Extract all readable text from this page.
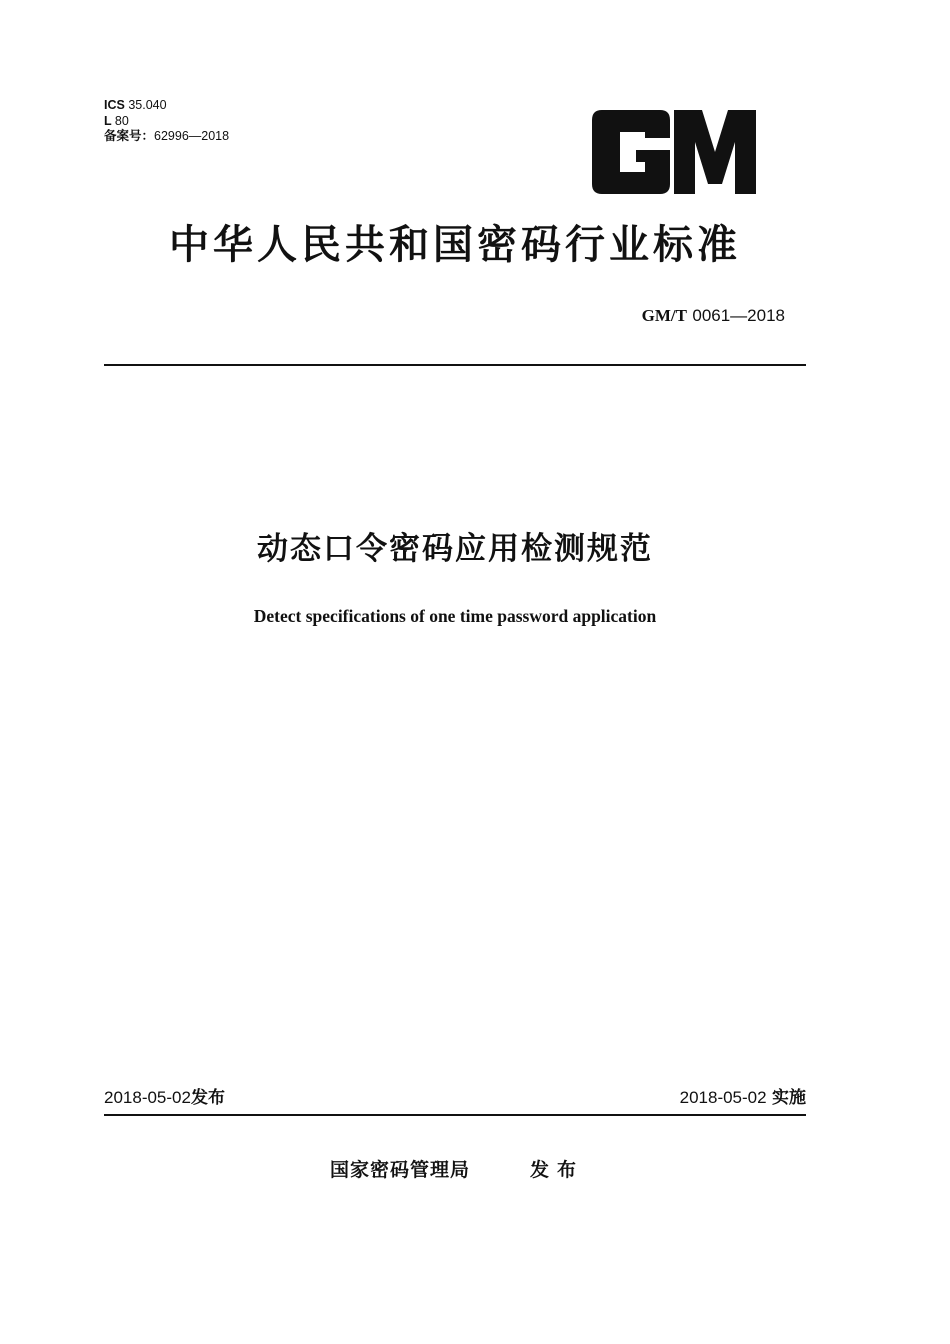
ICS 35.040
L 80
备案号：62996—2018
中华人民共和国密码行业标准
GM/T 0061—2018
动态口令密码应用检测规范
Detect specifications of one time password application
2018-05-02发布	2018-05-02 实施
国家密码管理局	发布
